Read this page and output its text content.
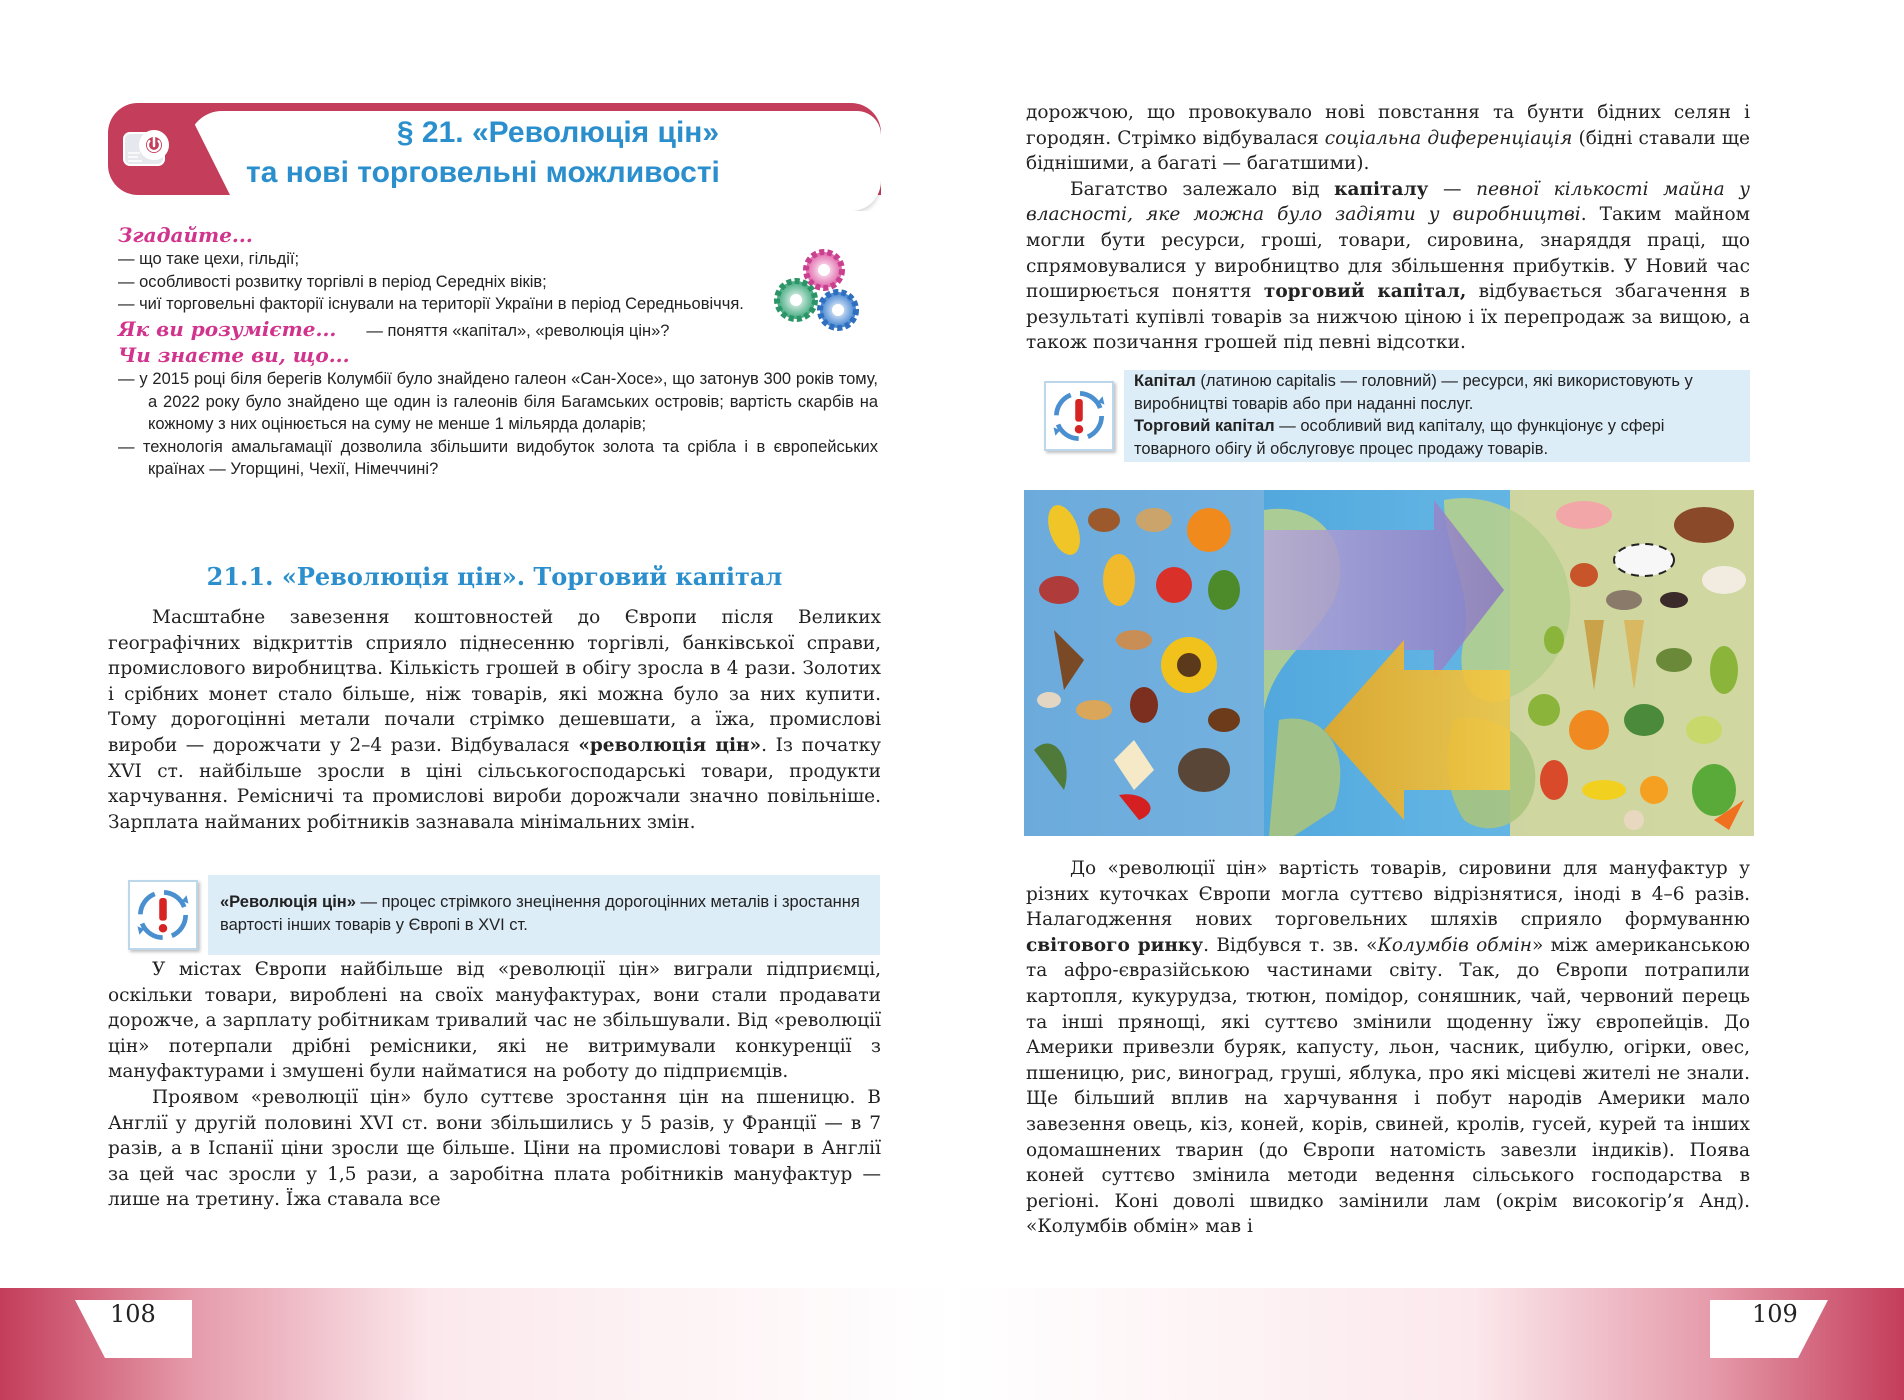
§ 21. «Революція цін»
та нові торговельні можливості
Згадайте...
— що таке цехи, гільдії;
— особливості розвитку торгівлі в період Середніх віків;
— чиї торговельні факторії існували на території України в період Середньовіччя.
Як ви розумієте... — поняття «капітал», «революція цін»?
Чи знаєте ви, що...
— у 2015 році біля берегів Колумбії було знайдено галеон «Сан-Хосе», що затонув 300 років тому, а 2022 року було знайдено ще один із галеонів біля Багамських островів; вартість скарбів на кожному з них оцінюється на суму не менше 1 мільярда доларів;
— технологія амальгамації дозволила збільшити видобуток золота та срібла і в європейських країнах — Угорщині, Чехії, Німеччині?
21.1. «Революція цін». Торговий капітал

Масштабне завезення коштовностей до Європи після Великих географічних відкриттів сприяло піднесенню торгівлі, банківської справи, промислового виробництва. Кількість грошей в обігу зросла в 4 рази. Золотих і срібних монет стало більше, ніж товарів, які можна було за них купити. Тому дорогоцінні метали почали стрімко дешевшати, а їжа, промислові вироби — дорожчати у 2–4 рази. Відбувалася «революція цін». Із початку XVI ст. найбільше зросли в ціні сільськогосподарські товари, продукти харчування. Ремісничі та промислові вироби дорожчали значно повільніше. Зарплата найманих робітників зазнавала мінімальних змін.

«Революція цін» — процес стрімкого знецінення дорогоцінних металів і зростання вартості інших товарів у Європі в XVI ст.

У містах Європи найбільше від «революції цін» виграли підприємці, оскільки товари, вироблені на своїх мануфактурах, вони стали продавати дорожче, а зарплату робітникам тривалий час не збільшували. Від «революції цін» потерпали дрібні ремісники, які не витримували конкуренції з мануфактурами і змушені були найматися на роботу до підприємців.

Проявом «революції цін» було суттєве зростання цін на пшеницю. В Англії у другій половині XVI ст. вони збільшились у 5 разів, у Франції — в 7 разів, а в Іспанії ціни зросли ще більше. Ціни на промислові товари в Англії за цей час зросли у 1,5 рази, а заробітна плата робітників мануфактур — лише на третину. Їжа ставала все

дорожчою, що провокувало нові повстання та бунти бідних селян і городян. Стрімко відбувалася соціальна диференціація (бідні ставали ще біднішими, а багаті — багатшими).

Багатство залежало від капіталу — певної кількості майна у власності, яке можна було задіяти у виробництві. Таким майном могли бути ресурси, гроші, товари, сировина, знаряддя праці, що спрямовувалися у виробництво для збільшення прибутків. У Новий час поширюється поняття торговий капітал, відбувається збагачення в результаті купівлі товарів за нижчою ціною і їх перепродаж за вищою, а також позичання грошей під певні відсотки.

Капітал (латиною capitalis — головний) — ресурси, які використовують у виробництві товарів або при наданні послуг.
Торговий капітал — особливий вид капіталу, що функціонує у сфері товарного обігу й обслуговує процес продажу товарів.

До «революції цін» вартість товарів, сировини для мануфактур у різних куточках Європи могла суттєво відрізнятися, іноді в 4–6 разів. Налагодження нових торговельних шляхів сприяло формуванню світового ринку. Відбувся т. зв. «Колумбів обмін» між американською та афро-євразійською частинами світу. Так, до Європи потрапили картопля, кукурудза, тютюн, помідор, соняшник, чай, червоний перець та інші прянощі, які суттєво змінили щоденну їжу європейців. До Америки привезли буряк, капусту, льон, часник, цибулю, огірки, овес, пшеницю, рис, виноград, груші, яблука, про які місцеві жителі не знали. Ще більший вплив на харчування і побут народів Америки мало завезення овець, кіз, коней, корів, свиней, кролів, гусей, курей та інших одомашнених тварин (до Європи натомість завезли індиків). Поява коней суттєво змінила методи ведення сільського господарства в регіоні. Коні доволі швидко замінили лам (окрім високогір’я Анд). «Колумбів обмін» мав і

108	109
